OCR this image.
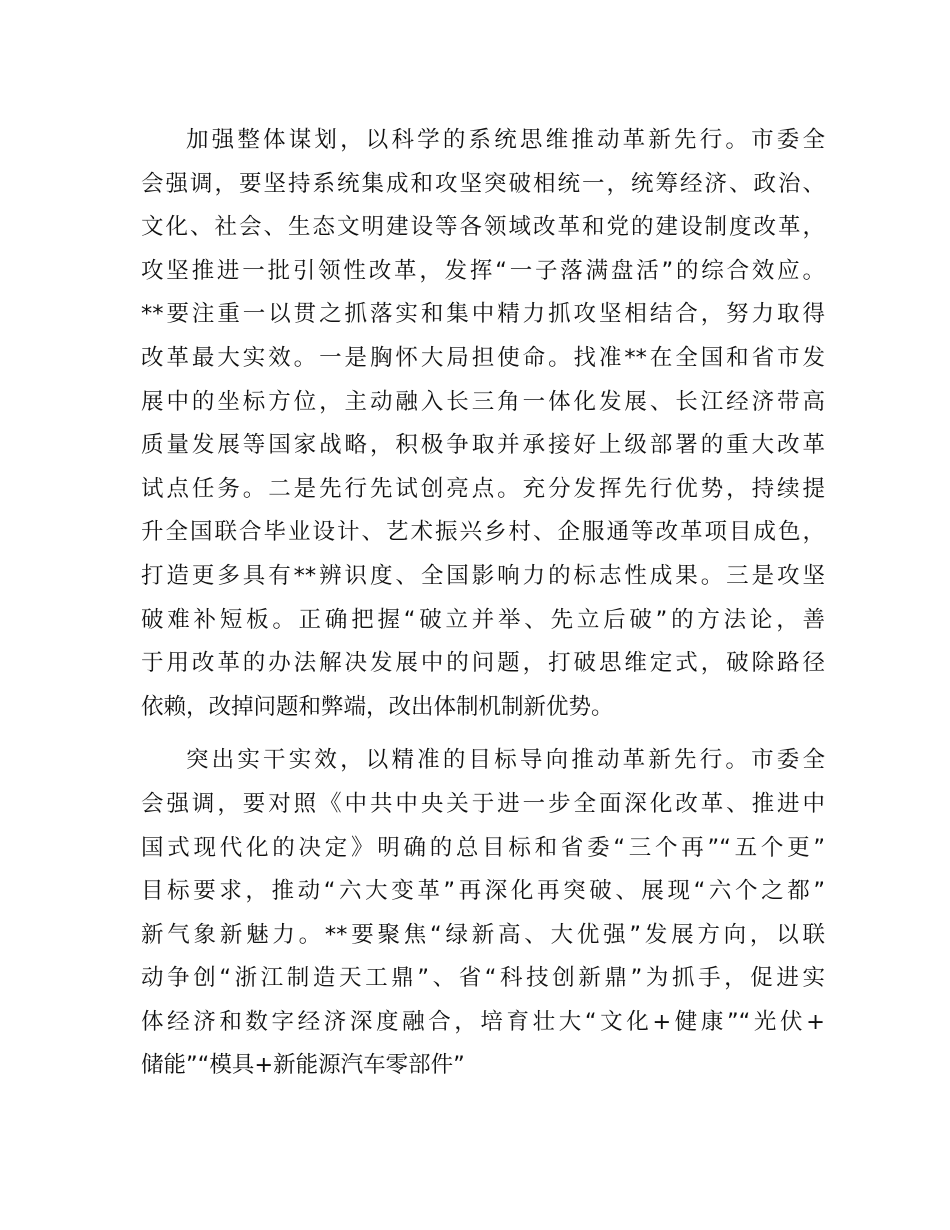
加强整体谋划，以科学的系统思维推动革新先行。市委全
会强调，要坚持系统集成和攻坚突破相统一，统筹经济、政治、
文化、社会、生态文明建设等各领域改革和党的建设制度改革，
攻坚推进一批引领性改革，发挥“一子落满盘活”的综合效应。
**要注重一以贯之抓落实和集中精力抓攻坚相结合，努力取得
改革最大实效。一是胸怀大局担使命。找准**在全国和省市发
展中的坐标方位，主动融入长三角一体化发展、长江经济带高
质量发展等国家战略，积极争取并承接好上级部署的重大改革
试点任务。二是先行先试创亮点。充分发挥先行优势，持续提
升全国联合毕业设计、艺术振兴乡村、企服通等改革项目成色，
打造更多具有**辨识度、全国影响力的标志性成果。三是攻坚
破难补短板。正确把握“破立并举、先立后破”的方法论，善
于用改革的办法解决发展中的问题，打破思维定式，破除路径
依赖，改掉问题和弊端，改出体制机制新优势。
突出实干实效，以精准的目标导向推动革新先行。市委全
会强调，要对照《中共中央关于进一步全面深化改革、推进中
国式现代化的决定》明确的总目标和省委“三个再”“五个更”
目标要求，推动“六大变革”再深化再突破、展现“六个之都”
新气象新魅力。**要聚焦“绿新高、大优强”发展方向，以联
动争创“浙江制造天工鼎”、省“科技创新鼎”为抓手，促进实
体经济和数字经济深度融合，培育壮大“文化+健康”“光伏+
储能”“模具+新能源汽车零部件”
